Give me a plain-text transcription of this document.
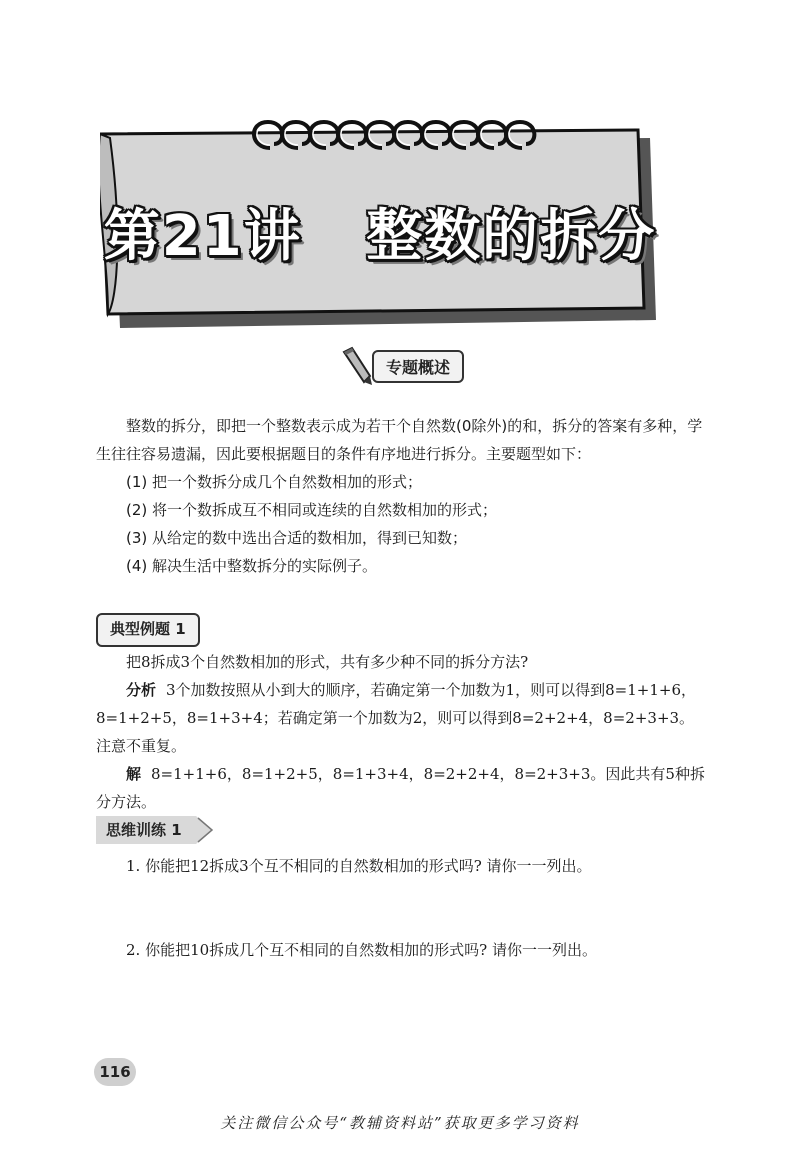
第21讲   整数的拆分
专题概述
整数的拆分，即把一个整数表示成为若干个自然数(0除外)的和，拆分的答案有多种，学生往往容易遗漏，因此要根据题目的条件有序地进行拆分。主要题型如下：
(1) 把一个数拆分成几个自然数相加的形式；
(2) 将一个数拆成互不相同或连续的自然数相加的形式；
(3) 从给定的数中选出合适的数相加，得到已知数；
(4) 解决生活中整数拆分的实际例子。
典型例题 1
把8拆成3个自然数相加的形式，共有多少种不同的拆分方法?
分析 3个加数按照从小到大的顺序，若确定第一个加数为1，则可以得到8=1+1+6，8=1+2+5，8=1+3+4；若确定第一个加数为2，则可以得到8=2+2+4，8=2+3+3。注意不重复。
解 8=1+1+6，8=1+2+5，8=1+3+4，8=2+2+4，8=2+3+3。因此共有5种拆分方法。
思维训练 1
1. 你能把12拆成3个互不相同的自然数相加的形式吗? 请你一一列出。
2. 你能把10拆成几个互不相同的自然数相加的形式吗? 请你一一列出。
116
关注微信公众号“教辅资料站”获取更多学习资料
